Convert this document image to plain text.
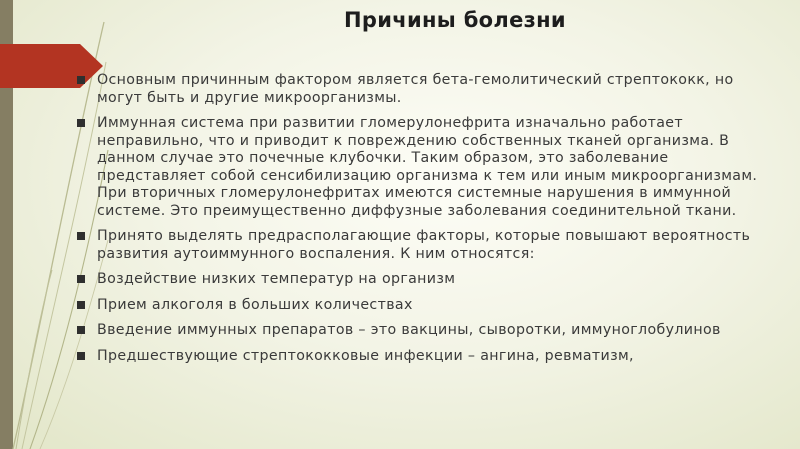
Причины болезни
Основным причинным фактором является бета-гемолитический стрептококк, но могут быть и другие микроорганизмы.
Иммунная система при развитии гломерулонефрита изначально работает неправильно, что и приводит к повреждению собственных тканей организма. В данном случае это почечные клубочки. Таким образом, это заболевание представляет собой сенсибилизацию организма к тем или иным микроорганизмам. При вторичных гломерулонефритах имеются системные нарушения в иммунной системе. Это преимущественно диффузные заболевания соединительной ткани.
Принято выделять предрасполагающие факторы, которые повышают вероятность развития аутоиммунного воспаления. К ним относятся:
Воздействие низких температур на организм
Прием алкоголя в больших количествах
Введение иммунных препаратов – это вакцины, сыворотки, иммуноглобулинов
Предшествующие стрептококковые инфекции – ангина, ревматизм,
